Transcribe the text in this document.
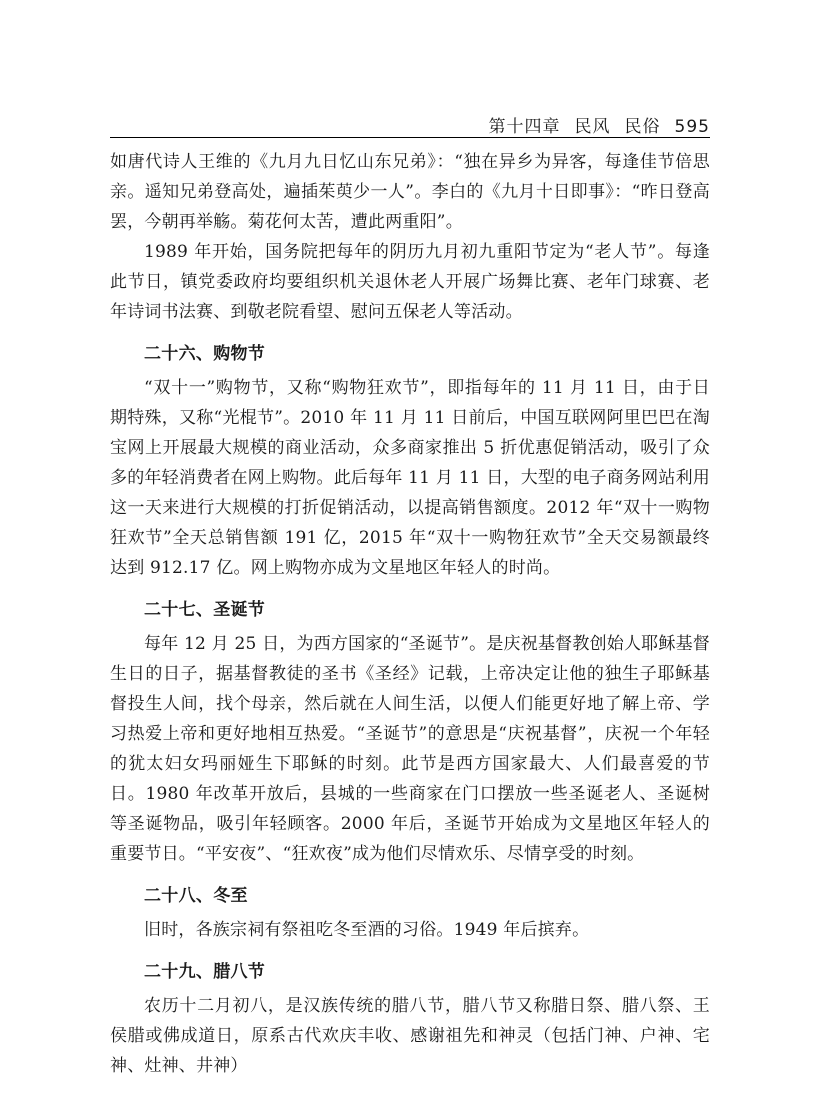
第十四章 民风 民俗 595

如唐代诗人王维的《九月九日忆山东兄弟》：“独在异乡为异客，每逢佳节倍思亲。遥知兄弟登高处，遍插茱萸少一人”。李白的《九月十日即事》：“昨日登高罢，今朝再举觞。菊花何太苦，遭此两重阳”。

1989 年开始，国务院把每年的阴历九月初九重阳节定为“老人节”。每逢此节日，镇党委政府均要组织机关退休老人开展广场舞比赛、老年门球赛、老年诗词书法赛、到敬老院看望、慰问五保老人等活动。

二十六、购物节

“双十一”购物节，又称“购物狂欢节”，即指每年的 11 月 11 日，由于日期特殊，又称“光棍节”。2010 年 11 月 11 日前后，中国互联网阿里巴巴在淘宝网上开展最大规模的商业活动，众多商家推出 5 折优惠促销活动，吸引了众多的年轻消费者在网上购物。此后每年 11 月 11 日，大型的电子商务网站利用这一天来进行大规模的打折促销活动，以提高销售额度。2012 年“双十一购物狂欢节”全天总销售额 191 亿，2015 年“双十一购物狂欢节”全天交易额最终达到 912.17 亿。网上购物亦成为文星地区年轻人的时尚。

二十七、圣诞节

每年 12 月 25 日，为西方国家的“圣诞节”。是庆祝基督教创始人耶稣基督生日的日子，据基督教徒的圣书《圣经》记载，上帝决定让他的独生子耶稣基督投生人间，找个母亲，然后就在人间生活，以便人们能更好地了解上帝、学习热爱上帝和更好地相互热爱。“圣诞节”的意思是“庆祝基督”，庆祝一个年轻的犹太妇女玛丽娅生下耶稣的时刻。此节是西方国家最大、人们最喜爱的节日。1980 年改革开放后，县城的一些商家在门口摆放一些圣诞老人、圣诞树等圣诞物品，吸引年轻顾客。2000 年后，圣诞节开始成为文星地区年轻人的重要节日。“平安夜”、“狂欢夜”成为他们尽情欢乐、尽情享受的时刻。

二十八、冬至

旧时，各族宗祠有祭祖吃冬至酒的习俗。1949 年后摈弃。

二十九、腊八节

农历十二月初八，是汉族传统的腊八节，腊八节又称腊日祭、腊八祭、王侯腊或佛成道日，原系古代欢庆丰收、感谢祖先和神灵（包括门神、户神、宅神、灶神、井神）
